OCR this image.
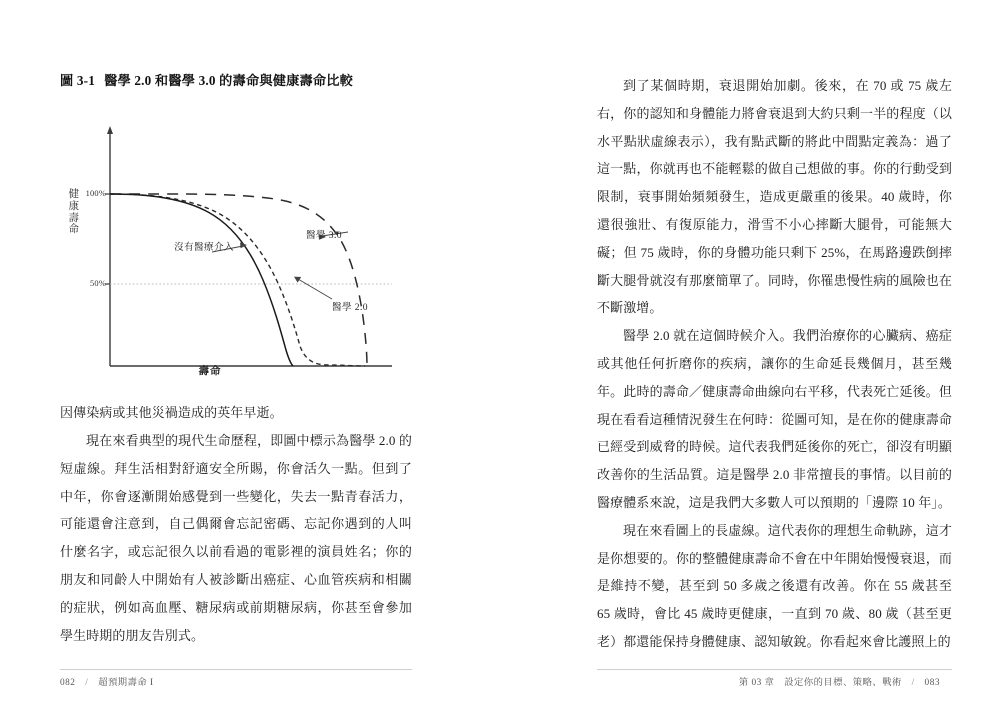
圖 3-1 醫學 2.0 和醫學 3.0 的壽命與健康壽命比較
100%
50%
健康壽命
壽命
沒有醫療介入
醫學 3.0
醫學 2.0

因傳染病或其他災禍造成的英年早逝。

現在來看典型的現代生命歷程，即圖中標示為醫學 2.0 的短虛線。拜生活相對舒適安全所賜，你會活久一點。但到了中年，你會逐漸開始感覺到一些變化，失去一點青春活力，可能還會注意到，自己偶爾會忘記密碼、忘記你遇到的人叫什麼名字，或忘記很久以前看過的電影裡的演員姓名；你的朋友和同齡人中開始有人被診斷出癌症、心血管疾病和相關的症狀，例如高血壓、糖尿病或前期糖尿病，你甚至會參加學生時期的朋友告別式。

到了某個時期，衰退開始加劇。後來，在 70 或 75 歲左右，你的認知和身體能力將會衰退到大約只剩一半的程度（以水平點狀虛線表示），我有點武斷的將此中間點定義為：過了這一點，你就再也不能輕鬆的做自己想做的事。你的行動受到限制，衰事開始頻頻發生，造成更嚴重的後果。40 歲時，你還很強壯、有復原能力，滑雪不小心摔斷大腿骨，可能無大礙；但 75 歲時，你的身體功能只剩下 25%，在馬路邊跌倒摔斷大腿骨就沒有那麼簡單了。同時，你罹患慢性病的風險也在不斷激增。

醫學 2.0 就在這個時候介入。我們治療你的心臟病、癌症或其他任何折磨你的疾病，讓你的生命延長幾個月，甚至幾年。此時的壽命／健康壽命曲線向右平移，代表死亡延後。但現在看看這種情況發生在何時：從圖可知，是在你的健康壽命已經受到威脅的時候。這代表我們延後你的死亡，卻沒有明顯改善你的生活品質。這是醫學 2.0 非常擅長的事情。以目前的醫療體系來說，這是我們大多數人可以預期的「邊際 10 年」。

現在來看圖上的長虛線。這代表你的理想生命軌跡，這才是你想要的。你的整體健康壽命不會在中年開始慢慢衰退，而是維持不變，甚至到 50 多歲之後還有改善。你在 55 歲甚至 65 歲時，會比 45 歲時更健康，一直到 70 歲、80 歲（甚至更老）都還能保持身體健康、認知敏銳。你看起來會比護照上的

082 / 超預期壽命 I	第 03 章　設定你的目標、策略、戰術 / 083
